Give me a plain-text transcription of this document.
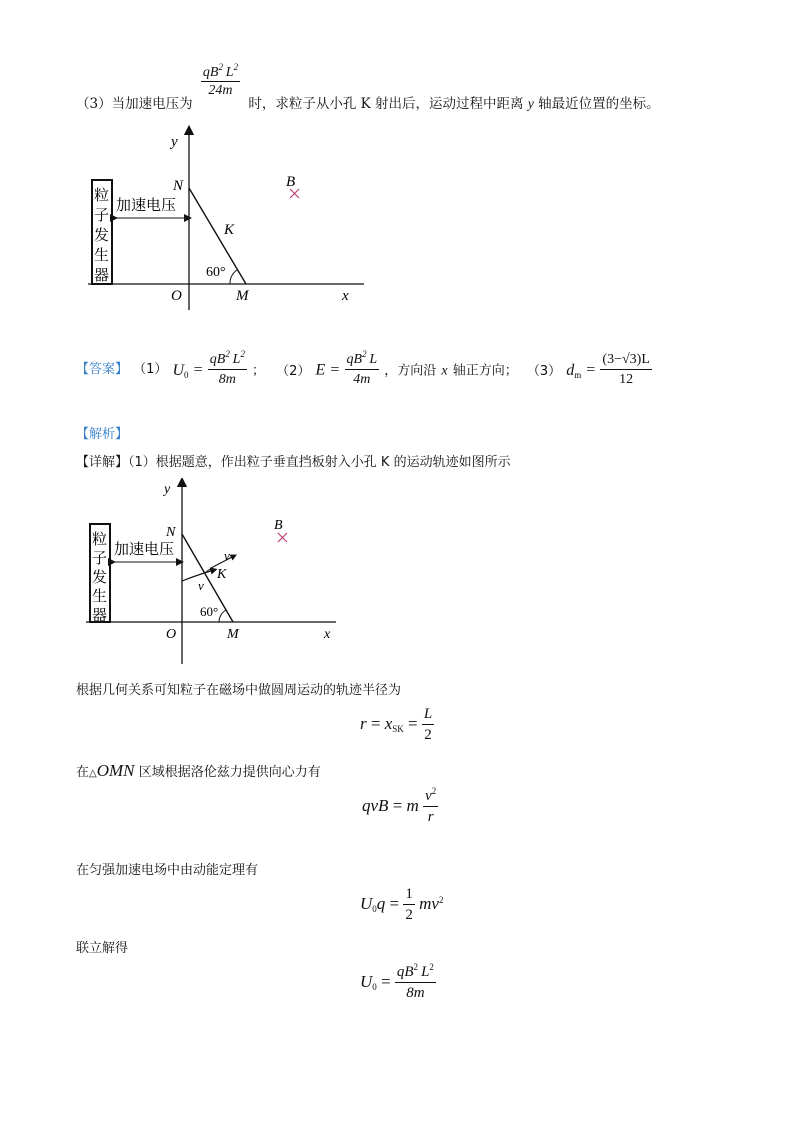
（3）当加速电压为
$\frac{qB^2 L^2}{24m}$
时，求粒子从小孔 K 射出后，运动过程中距离 y 轴最近位置的坐标。
粒
子
发
生
器
加速电压
y
N	B
K
60°
O	M	x
【答案】 （1） $U_0 = \frac{qB^2 L^2}{8m}$ ； （2） $E = \frac{qB^2 L}{4m}$ ，方向沿 x 轴正方向； （3） $d_m = \frac{(3-√3)L}{12}$
【解析】
【详解】（1）根据题意，作出粒子垂直挡板射入小孔 K 的运动轨迹如图所示
粒
子
发
生
器
加速电压
y
N	B
v
K
v
60°
O	M	x
根据几何关系可知粒子在磁场中做圆周运动的轨迹半径为
$r = x_{SK} = \frac{L}{2}$
在△OMN 区域根据洛伦兹力提供向心力有
qvB = m $\frac{v^2}{r}$
在匀强加速电场中由动能定理有
$U_0q = \frac{1}{2} mv^2$
联立解得
$U_0 = \frac{qB^2 L^2}{8m}$
